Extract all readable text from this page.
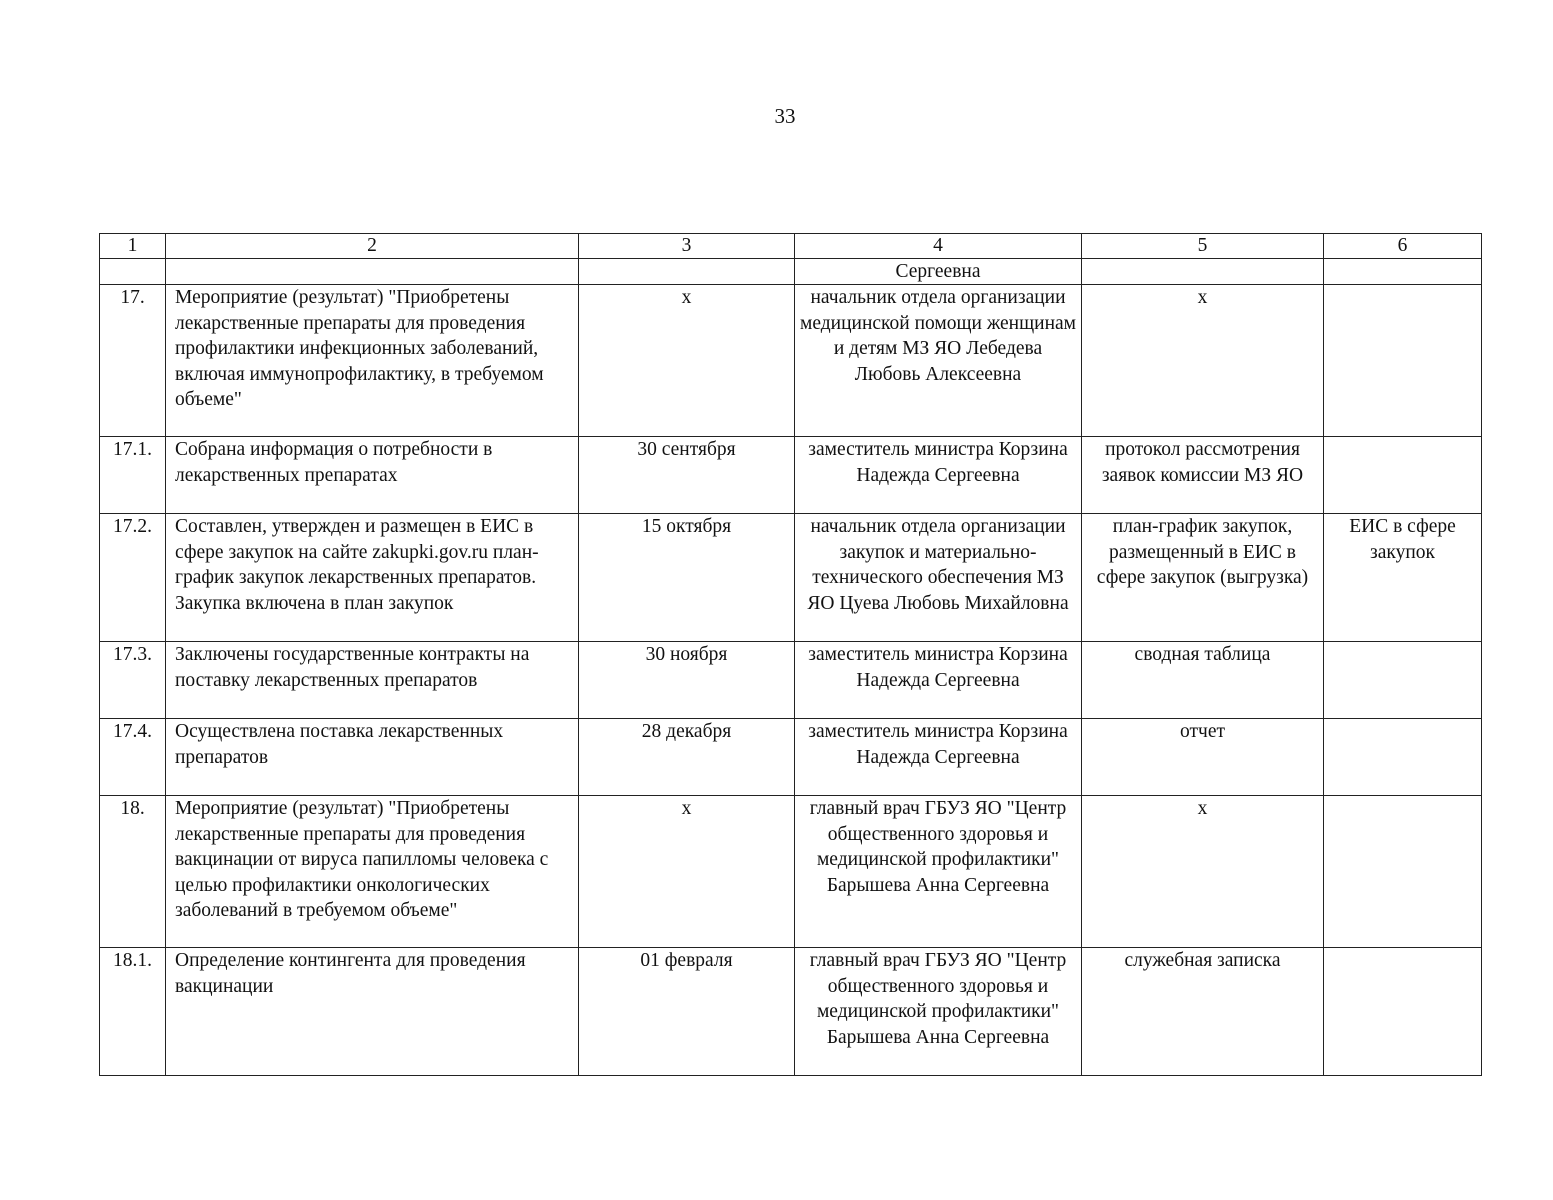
33
1	2	3	4	5	6
			Сергеевна		
17.	Мероприятие (результат) "Приобретены лекарственные препараты для проведения профилактики инфекционных заболеваний, включая иммунопрофилактику, в требуемом объеме"	x	начальник отдела организации медицинской помощи женщинам и детям МЗ ЯО Лебедева Любовь Алексеевна	x	
17.1.	Собрана информация о потребности в лекарственных препаратах	30 сентября	заместитель министра Корзина Надежда Сергеевна	протокол рассмотрения заявок комиссии МЗ ЯО	
17.2.	Составлен, утвержден и размещен в ЕИС в сфере закупок на сайте zakupki.gov.ru план-график закупок лекарственных препаратов. Закупка включена в план закупок	15 октября	начальник отдела организации закупок и материально-технического обеспечения МЗ ЯО Цуева Любовь Михайловна	план-график закупок, размещенный в ЕИС в сфере закупок (выгрузка)	ЕИС в сфере закупок
17.3.	Заключены государственные контракты на поставку лекарственных препаратов	30 ноября	заместитель министра Корзина Надежда Сергеевна	сводная таблица	
17.4.	Осуществлена поставка лекарственных препаратов	28 декабря	заместитель министра Корзина Надежда Сергеевна	отчет	
18.	Мероприятие (результат) "Приобретены лекарственные препараты для проведения вакцинации от вируса папилломы человека с целью профилактики онкологических заболеваний в требуемом объеме"	x	главный врач ГБУЗ ЯО "Центр общественного здоровья и медицинской профилактики" Барышева Анна Сергеевна	x	
18.1.	Определение контингента для проведения вакцинации	01 февраля	главный врач ГБУЗ ЯО "Центр общественного здоровья и медицинской профилактики" Барышева Анна Сергеевна	служебная записка	
